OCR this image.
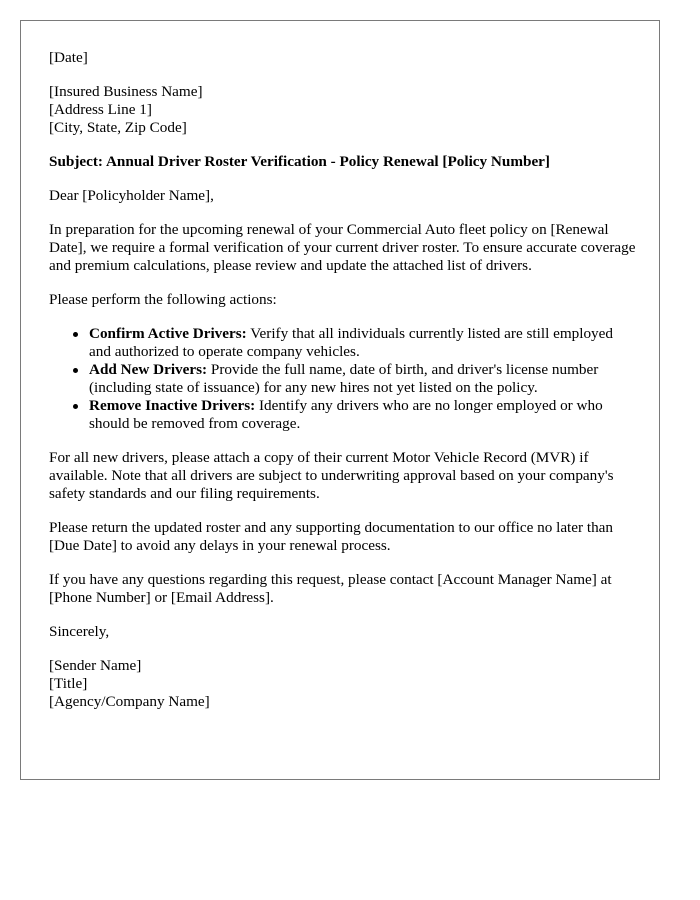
[Date]

[Insured Business Name]
[Address Line 1]
[City, State, Zip Code]

Subject: Annual Driver Roster Verification - Policy Renewal [Policy Number]

Dear [Policyholder Name],

In preparation for the upcoming renewal of your Commercial Auto fleet policy on [Renewal Date], we require a formal verification of your current driver roster. To ensure accurate coverage and premium calculations, please review and update the attached list of drivers.

Please perform the following actions:

Confirm Active Drivers: Verify that all individuals currently listed are still employed and authorized to operate company vehicles.
Add New Drivers: Provide the full name, date of birth, and driver's license number (including state of issuance) for any new hires not yet listed on the policy.
Remove Inactive Drivers: Identify any drivers who are no longer employed or who should be removed from coverage.

For all new drivers, please attach a copy of their current Motor Vehicle Record (MVR) if available. Note that all drivers are subject to underwriting approval based on your company's safety standards and our filing requirements.

Please return the updated roster and any supporting documentation to our office no later than [Due Date] to avoid any delays in your renewal process.

If you have any questions regarding this request, please contact [Account Manager Name] at [Phone Number] or [Email Address].

Sincerely,

[Sender Name]
[Title]
[Agency/Company Name]
